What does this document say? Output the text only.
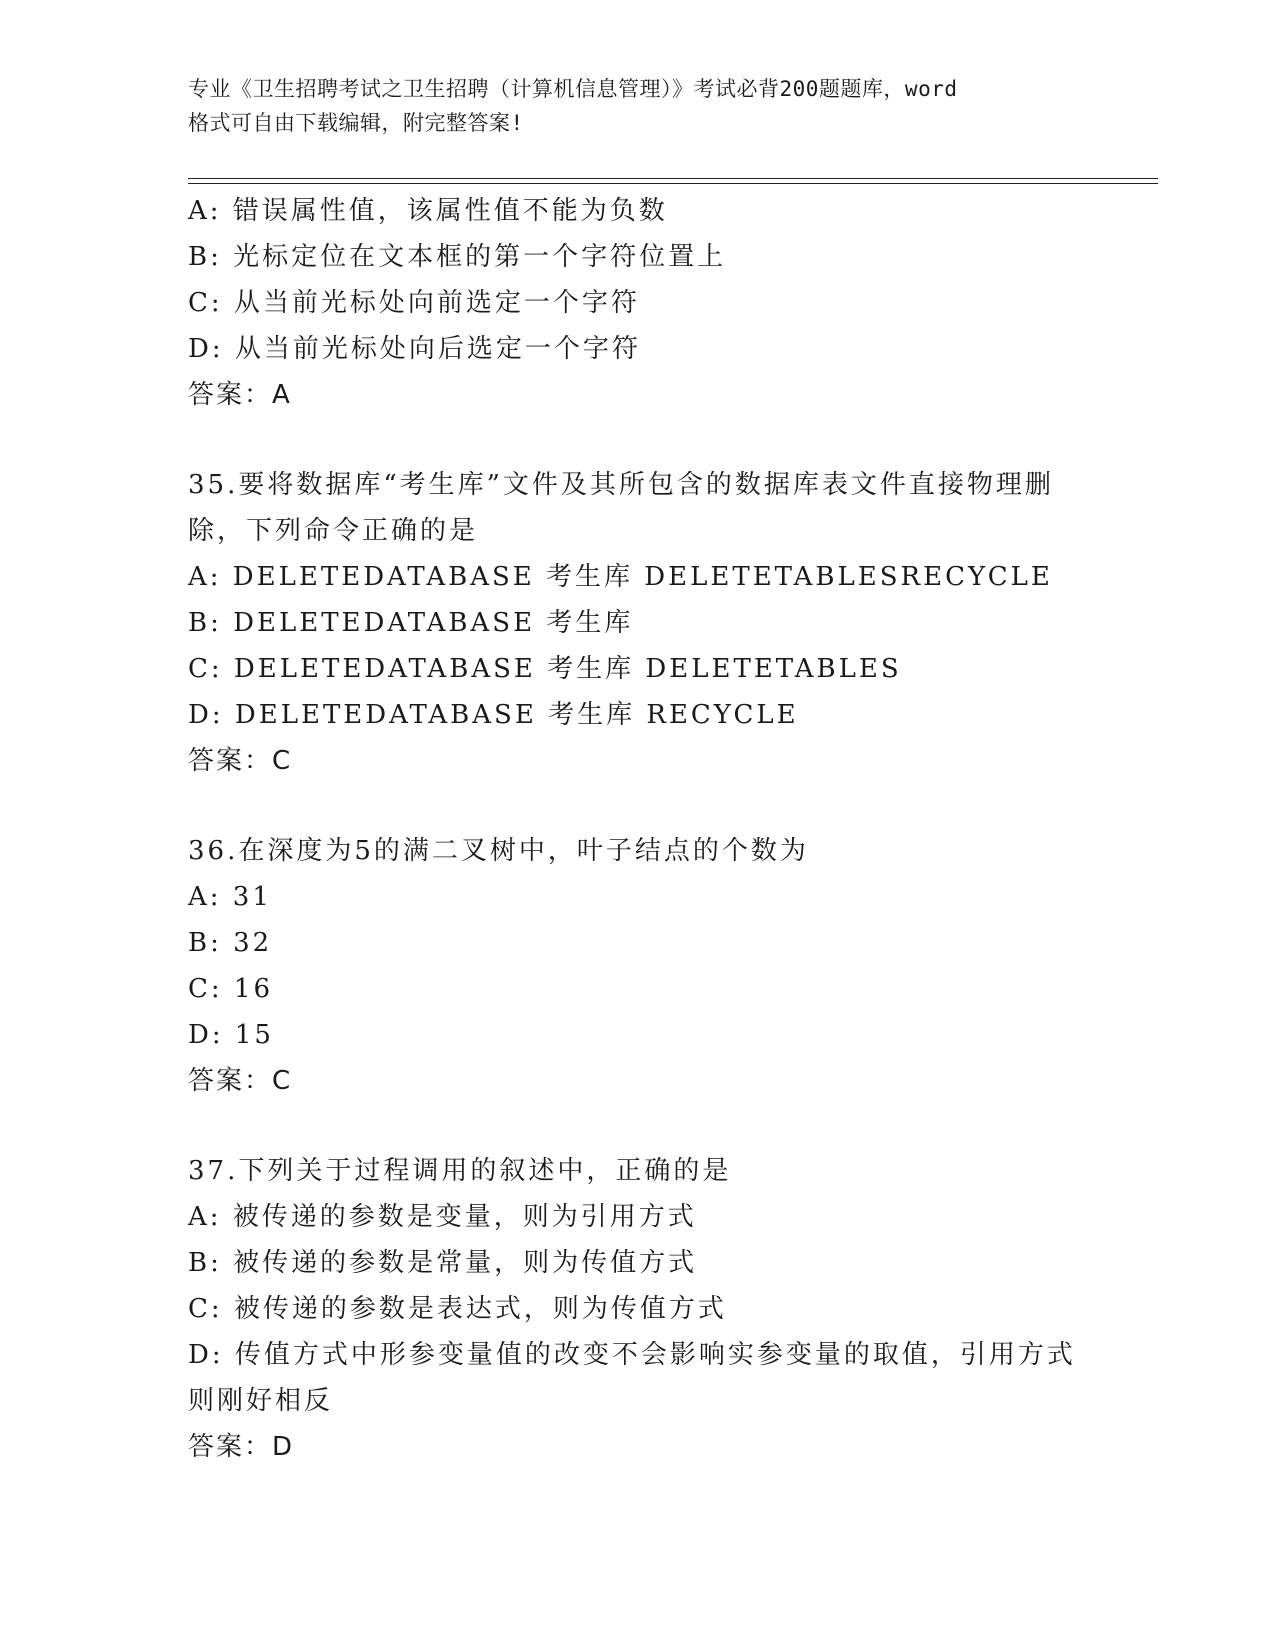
专业《卫生招聘考试之卫生招聘（计算机信息管理）》考试必背200题题库，word
格式可自由下载编辑，附完整答案!
A: 错误属性值，该属性值不能为负数
B: 光标定位在文本框的第一个字符位置上
C: 从当前光标处向前选定一个字符
D: 从当前光标处向后选定一个字符
答案：A
35.要将数据库“考生库”文件及其所包含的数据库表文件直接物理删
除，下列命令正确的是
A: DELETEDATABASE 考生库 DELETETABLESRECYCLE
B: DELETEDATABASE 考生库
C: DELETEDATABASE 考生库 DELETETABLES
D: DELETEDATABASE 考生库 RECYCLE
答案：C
36.在深度为5的满二叉树中，叶子结点的个数为
A: 31
B: 32
C: 16
D: 15
答案：C
37.下列关于过程调用的叙述中，正确的是
A: 被传递的参数是变量，则为引用方式
B: 被传递的参数是常量，则为传值方式
C: 被传递的参数是表达式，则为传值方式
D: 传值方式中形参变量值的改变不会影响实参变量的取值，引用方式
则刚好相反
答案：D
